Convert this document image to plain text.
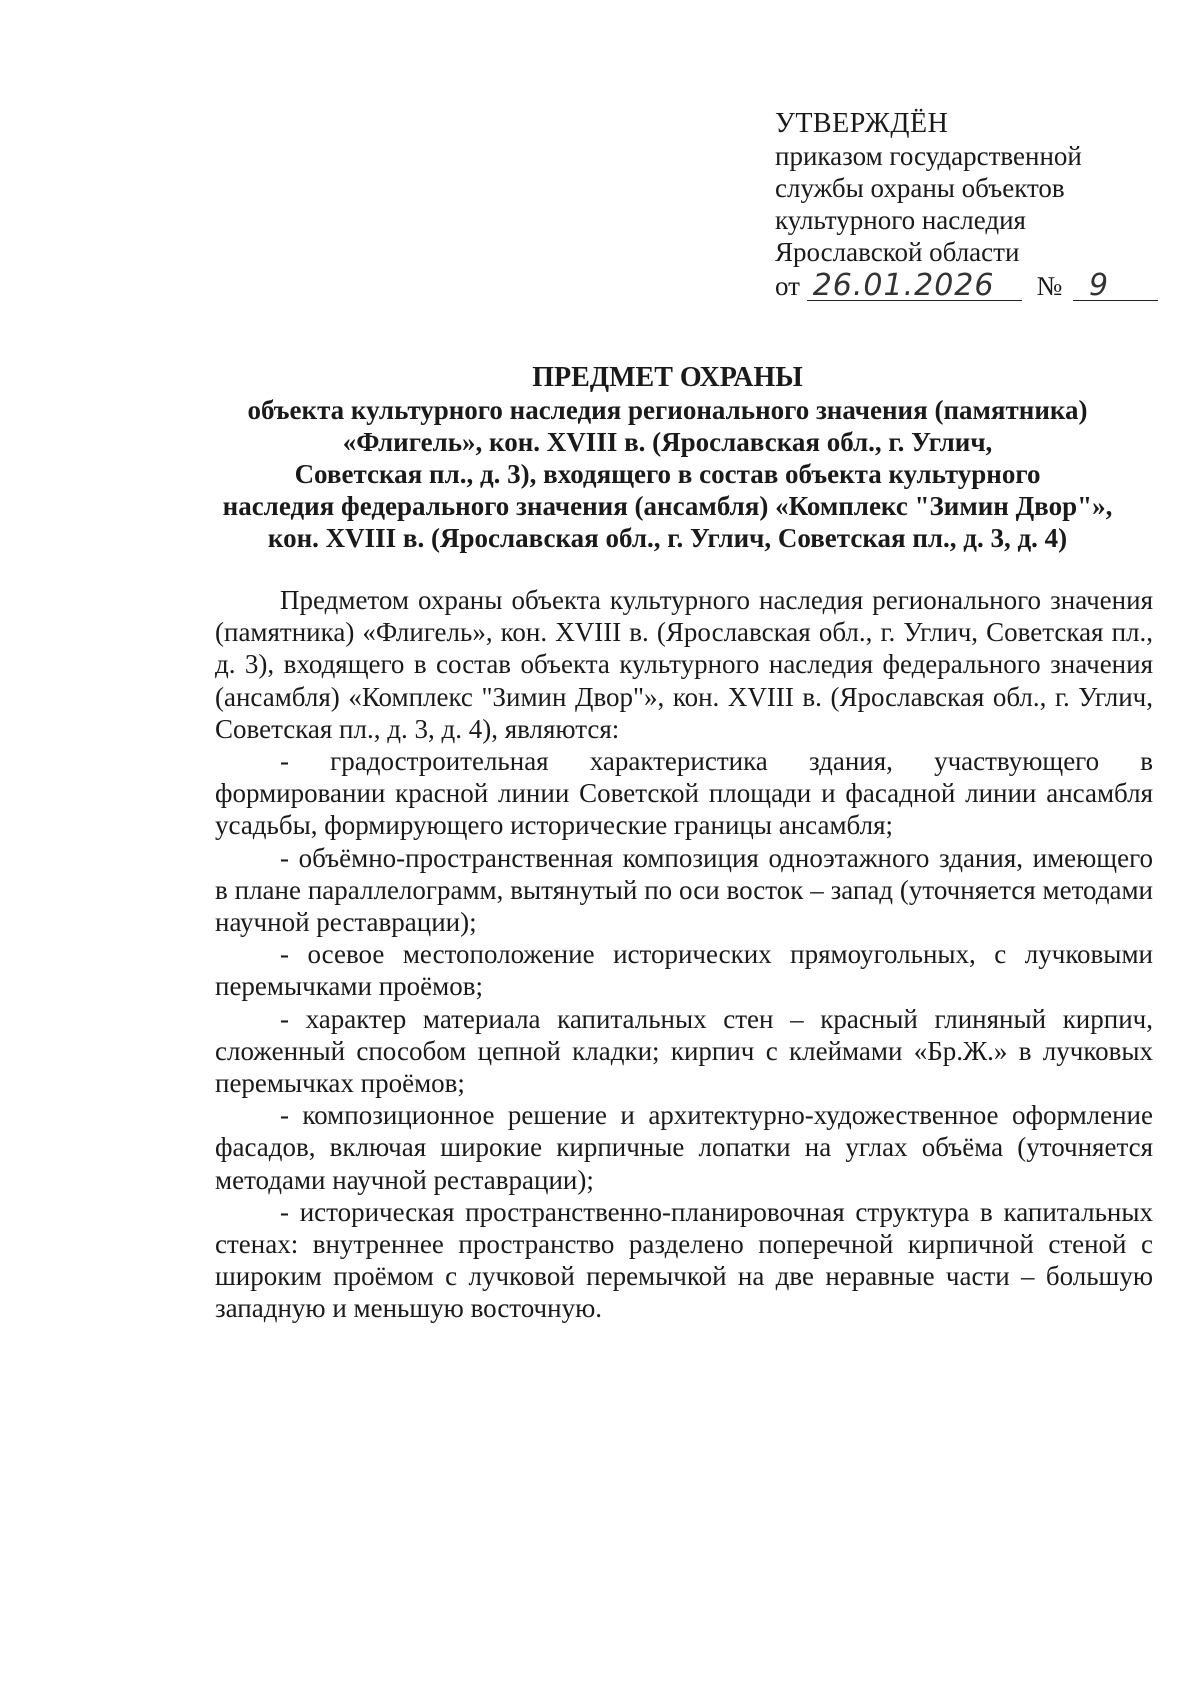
УТВЕРЖДЁН
приказом государственной
службы охраны объектов
культурного наследия
Ярославской области
от 26.01.2026 № 9
ПРЕДМЕТ ОХРАНЫ
объекта культурного наследия регионального значения (памятника)
«Флигель», кон. XVIII в. (Ярославская обл., г. Углич,
Советская пл., д. 3), входящего в состав объекта культурного
наследия федерального значения (ансамбля) «Комплекс "Зимин Двор"»,
кон. XVIII в. (Ярославская обл., г. Углич, Советская пл., д. 3, д. 4)

Предметом охраны объекта культурного наследия регионального значения (памятника) «Флигель», кон. XVIII в. (Ярославская обл., г. Углич, Советская пл., д. 3), входящего в состав объекта культурного наследия федерального значения (ансамбля) «Комплекс "Зимин Двор"», кон. XVIII в. (Ярославская обл., г. Углич, Советская пл., д. 3, д. 4), являются:

- градостроительная характеристика здания, участвующего в формировании красной линии Советской площади и фасадной линии ансамбля усадьбы, формирующего исторические границы ансамбля;

- объёмно-пространственная композиция одноэтажного здания, имеющего в плане параллелограмм, вытянутый по оси восток – запад (уточняется методами научной реставрации);

- осевое местоположение исторических прямоугольных, с лучковыми перемычками проёмов;

- характер материала капитальных стен – красный глиняный кирпич, сложенный способом цепной кладки; кирпич с клеймами «Бр.Ж.» в лучковых перемычках проёмов;

- композиционное решение и архитектурно-художественное оформление фасадов, включая широкие кирпичные лопатки на углах объёма (уточняется методами научной реставрации);

- историческая пространственно-планировочная структура в капитальных стенах: внутреннее пространство разделено поперечной кирпичной стеной с широким проёмом с лучковой перемычкой на две неравные части – большую западную и меньшую восточную.
